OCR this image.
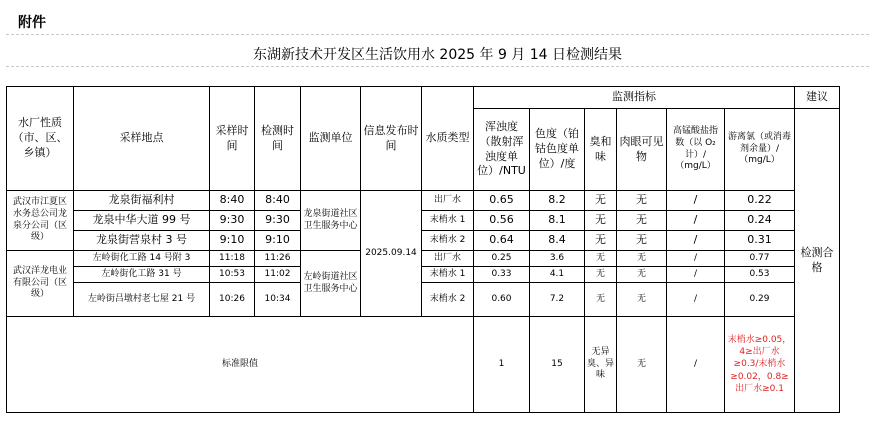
附件
东湖新技术开发区生活饮用水 2025 年 9 月 14 日检测结果
水厂性质（市、区、乡镇）	采样地点	采样时间	检测时间	监测单位	信息发布时间	水质类型	监测指标						建议
							浑浊度（散射浑浊度单位）/NTU	色度（铂钴色度单位）/度	臭和味	肉眼可见物	高锰酸盐指数（以 O₂计）/（mg/L）	游离氯（或消毒剂余量）/（mg/L）	检测合格
武汉市江夏区水务总公司龙泉分公司（区级）	龙泉街福利村	8:40	8:40	龙泉街道社区卫生服务中心	2025.09.14	出厂水	0.65	8.2	无	无	/	0.22	
	龙泉中华大道 99 号	9:30	9:30			末梢水 1	0.56	8.1	无	无	/	0.24	
	龙泉街营泉村 3 号	9:10	9:10			末梢水 2	0.64	8.4	无	无	/	0.31	
武汉洋龙电业有限公司（区级）	左岭街化工路 14 号附 3	11:18	11:26	左岭街道社区卫生服务中心		出厂水	0.25	3.6	无	无	/	0.77	
	左岭街化工路 31 号	10:53	11:02			末梢水 1	0.33	4.1	无	无	/	0.53	
	左岭街吕墩村老七屋 21 号	10:26	10:34			末梢水 2	0.60	7.2	无	无	/	0.29	
标准限值							1	15	无异臭、异味	无	/	末梢水≥0.05，4≥出厂水≥0.3/末梢水≥0.02，0.8≥出厂水≥0.1	
